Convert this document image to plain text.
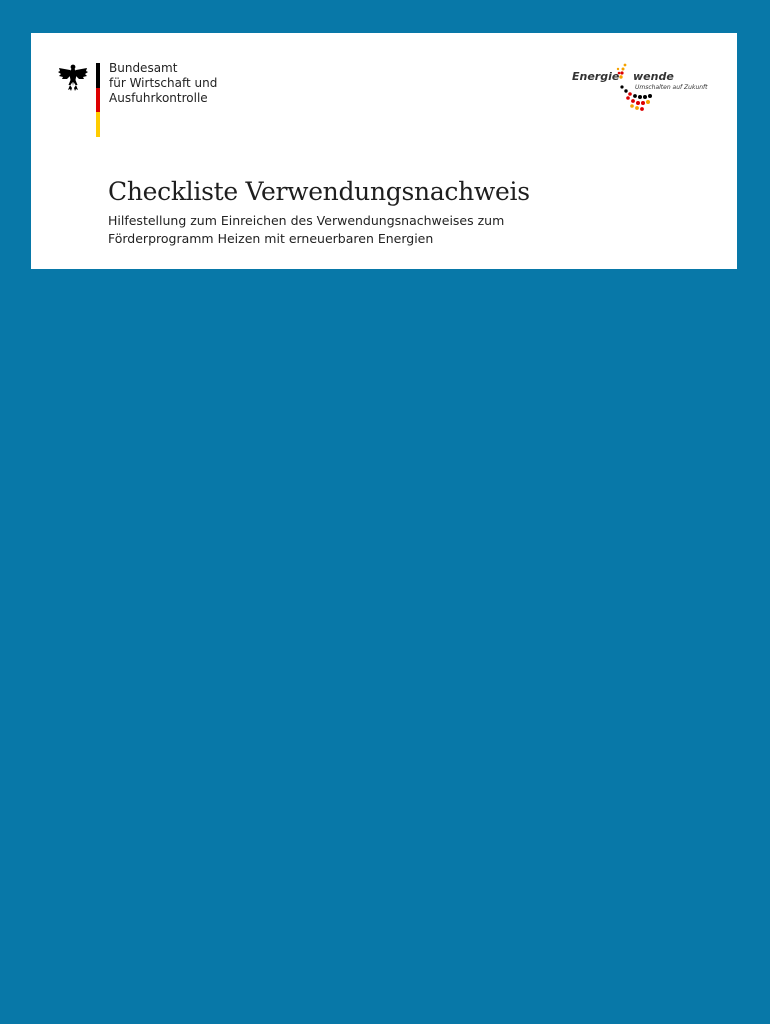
Bundesamt
für Wirtschaft und
Ausfuhrkontrolle
Energie wende
Umschalten auf Zukunft
Checkliste Verwendungsnachweis
Hilfestellung zum Einreichen des Verwendungsnachweises zum
Förderprogramm Heizen mit erneuerbaren Energien
